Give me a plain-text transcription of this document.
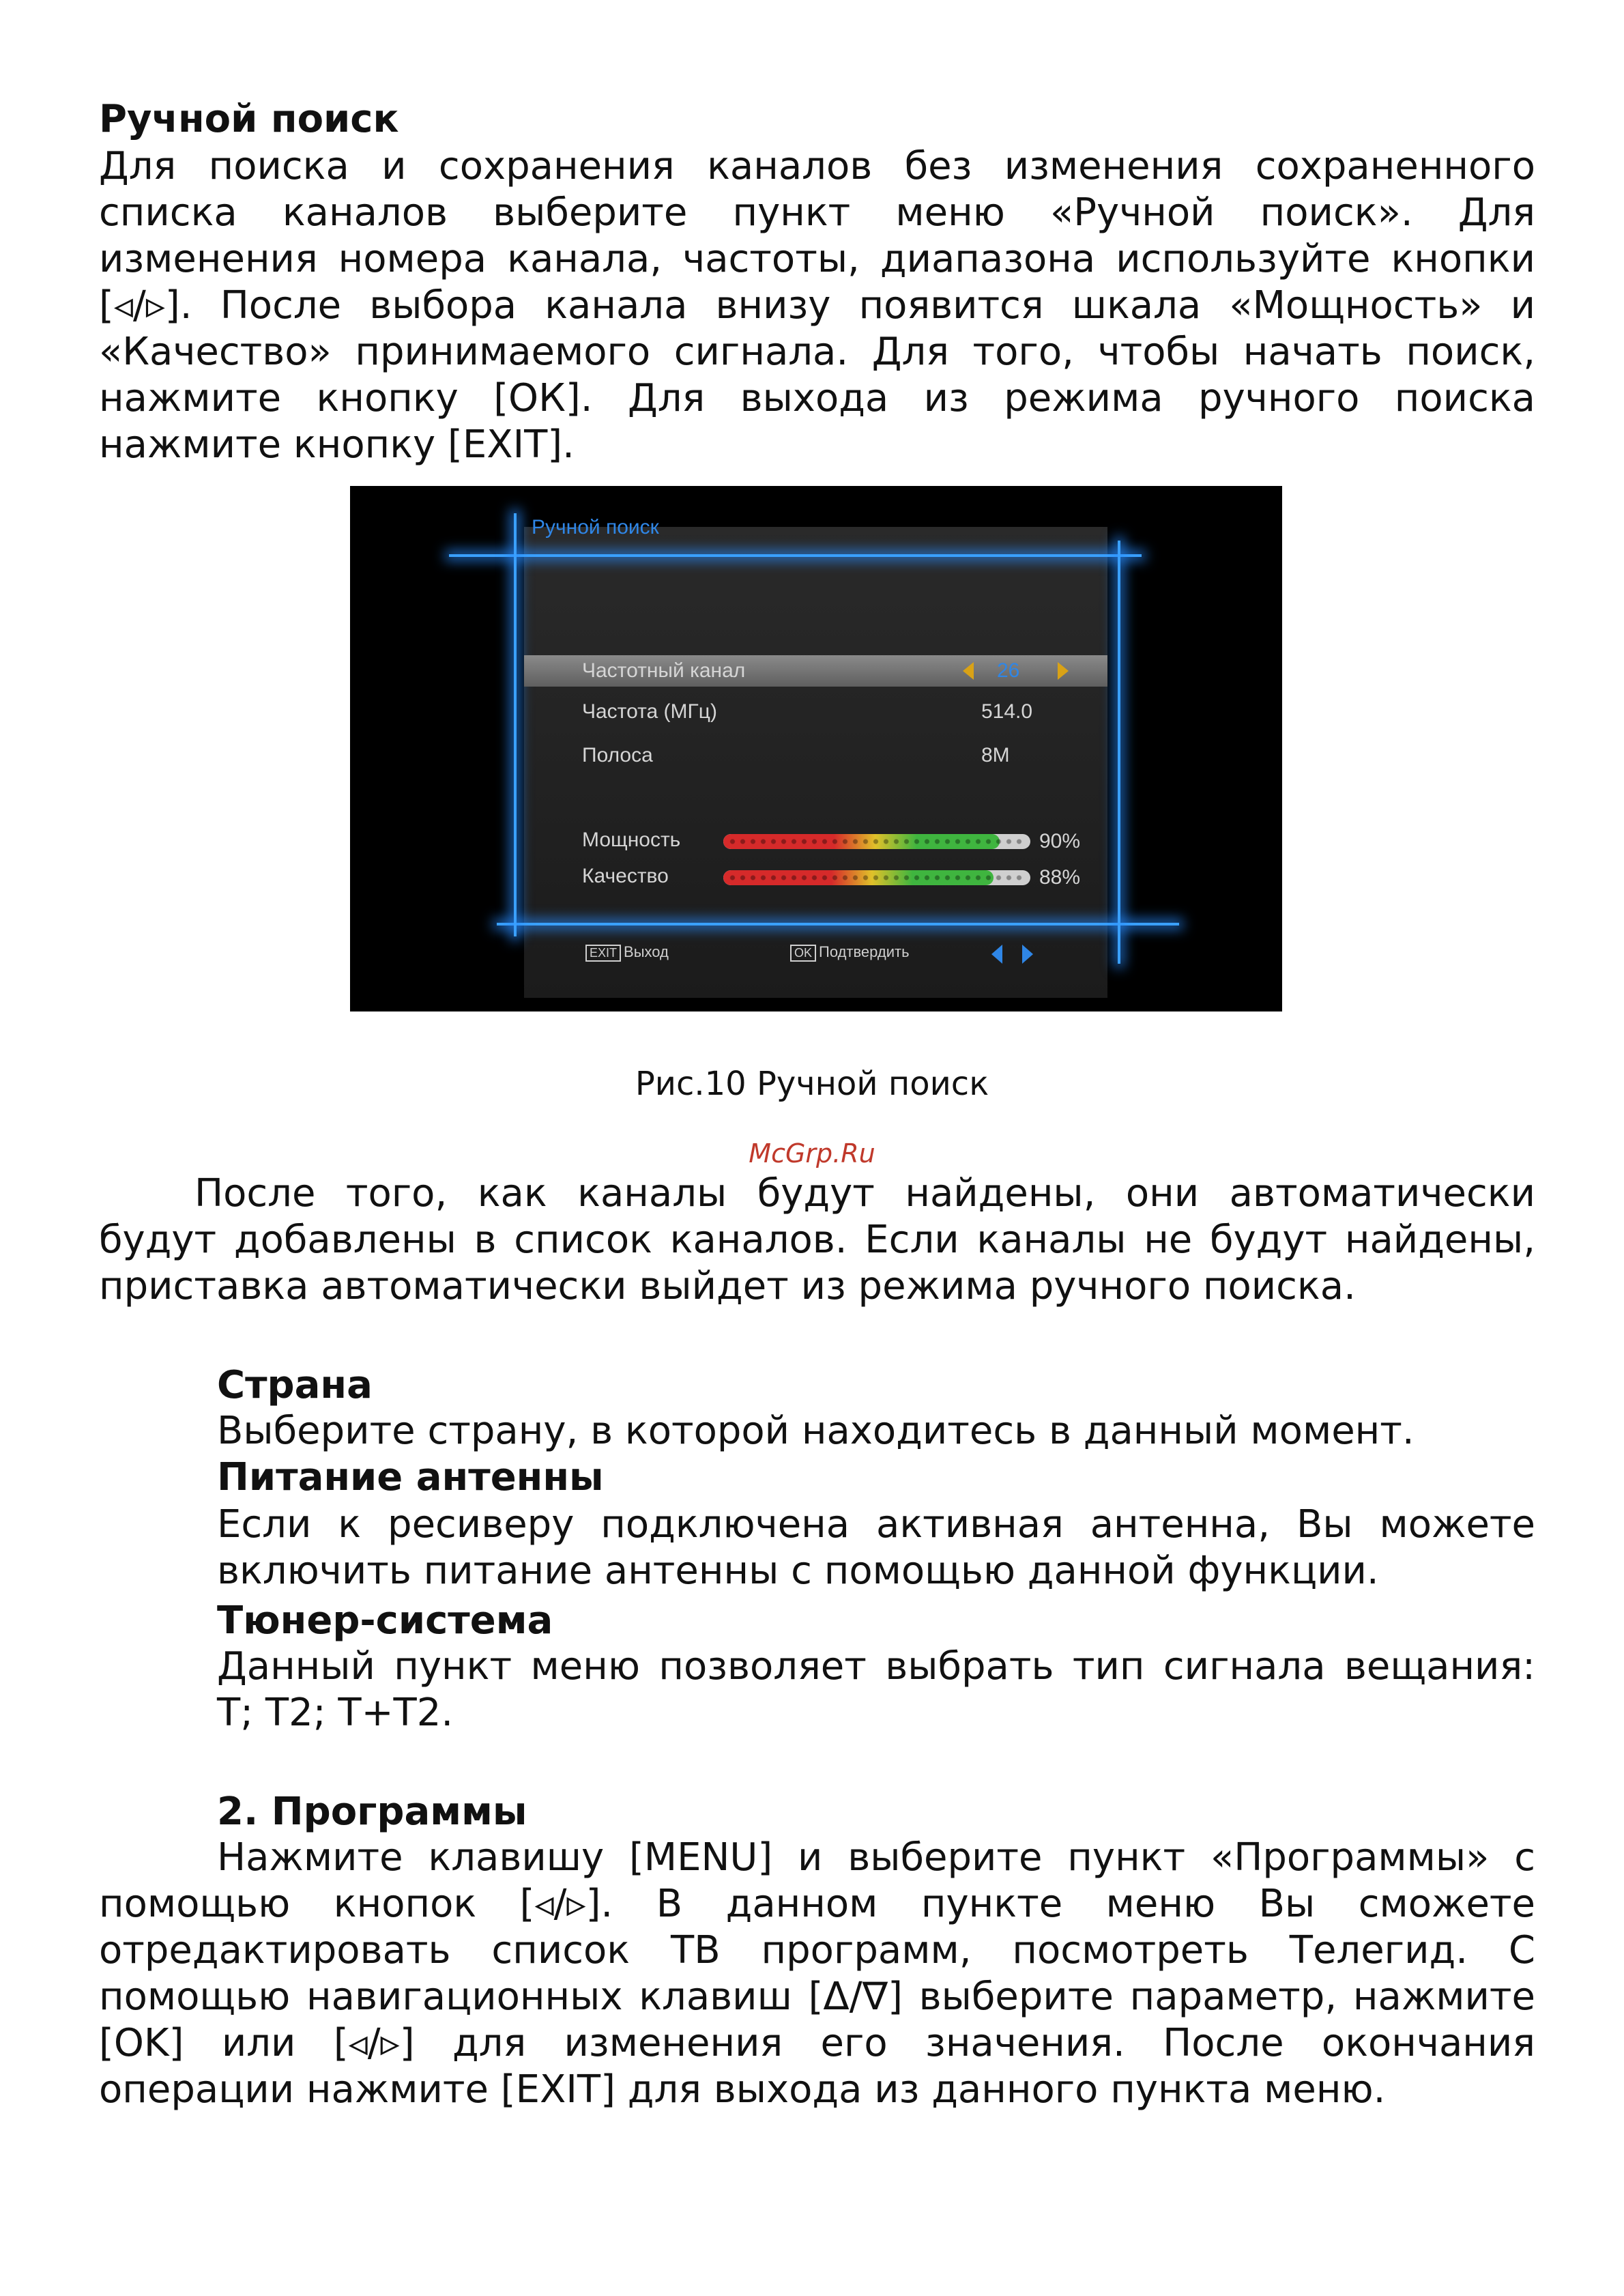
Ручной поиск

Для поиска и сохранения каналов без изменения сохраненного списка каналов выберите пункт меню «Ручной поиск». Для изменения номера канала, частоты, диапазона используйте кнопки [◃/▹]. После выбора канала внизу появится шкала «Мощность» и «Качество» принимаемого сигнала. Для того, чтобы начать поиск, нажмите кнопку [ОК]. Для выхода из режима ручного поиска нажмите кнопку [EXIT].

Ручной поиск
Частотный канал	26
Частота (МГц)	514.0
Полоса	8M
Мощность	90%
Качество	88%
EXIT Выход	OK Подтвердить
Рис.10 Ручной поиск
McGrp.Ru

После того, как каналы будут найдены, они автоматически будут добавлены в список каналов. Если каналы не будут найдены, приставка автоматически выйдет из режима ручного поиска.

Страна

Выберите страну, в которой находитесь в данный момент.

Питание антенны

Если к ресиверу подключена активная антенна, Вы можете включить питание антенны с помощью данной функции.

Тюнер-система

Данный пункт меню позволяет выбрать тип сигнала вещания: Т; Т2; Т+Т2.

2. Программы

Нажмите клавишу [MENU] и выберите пункт «Программы» с помощью кнопок [◃/▹]. В данном пункте меню Вы сможете отредактировать список ТВ программ, посмотреть Телегид. С помощью навигационных клавиш [Δ/∇] выберите параметр, нажмите [OK] или [◃/▹] для изменения его значения. После окончания операции нажмите [EXIT] для выхода из данного пункта меню.
